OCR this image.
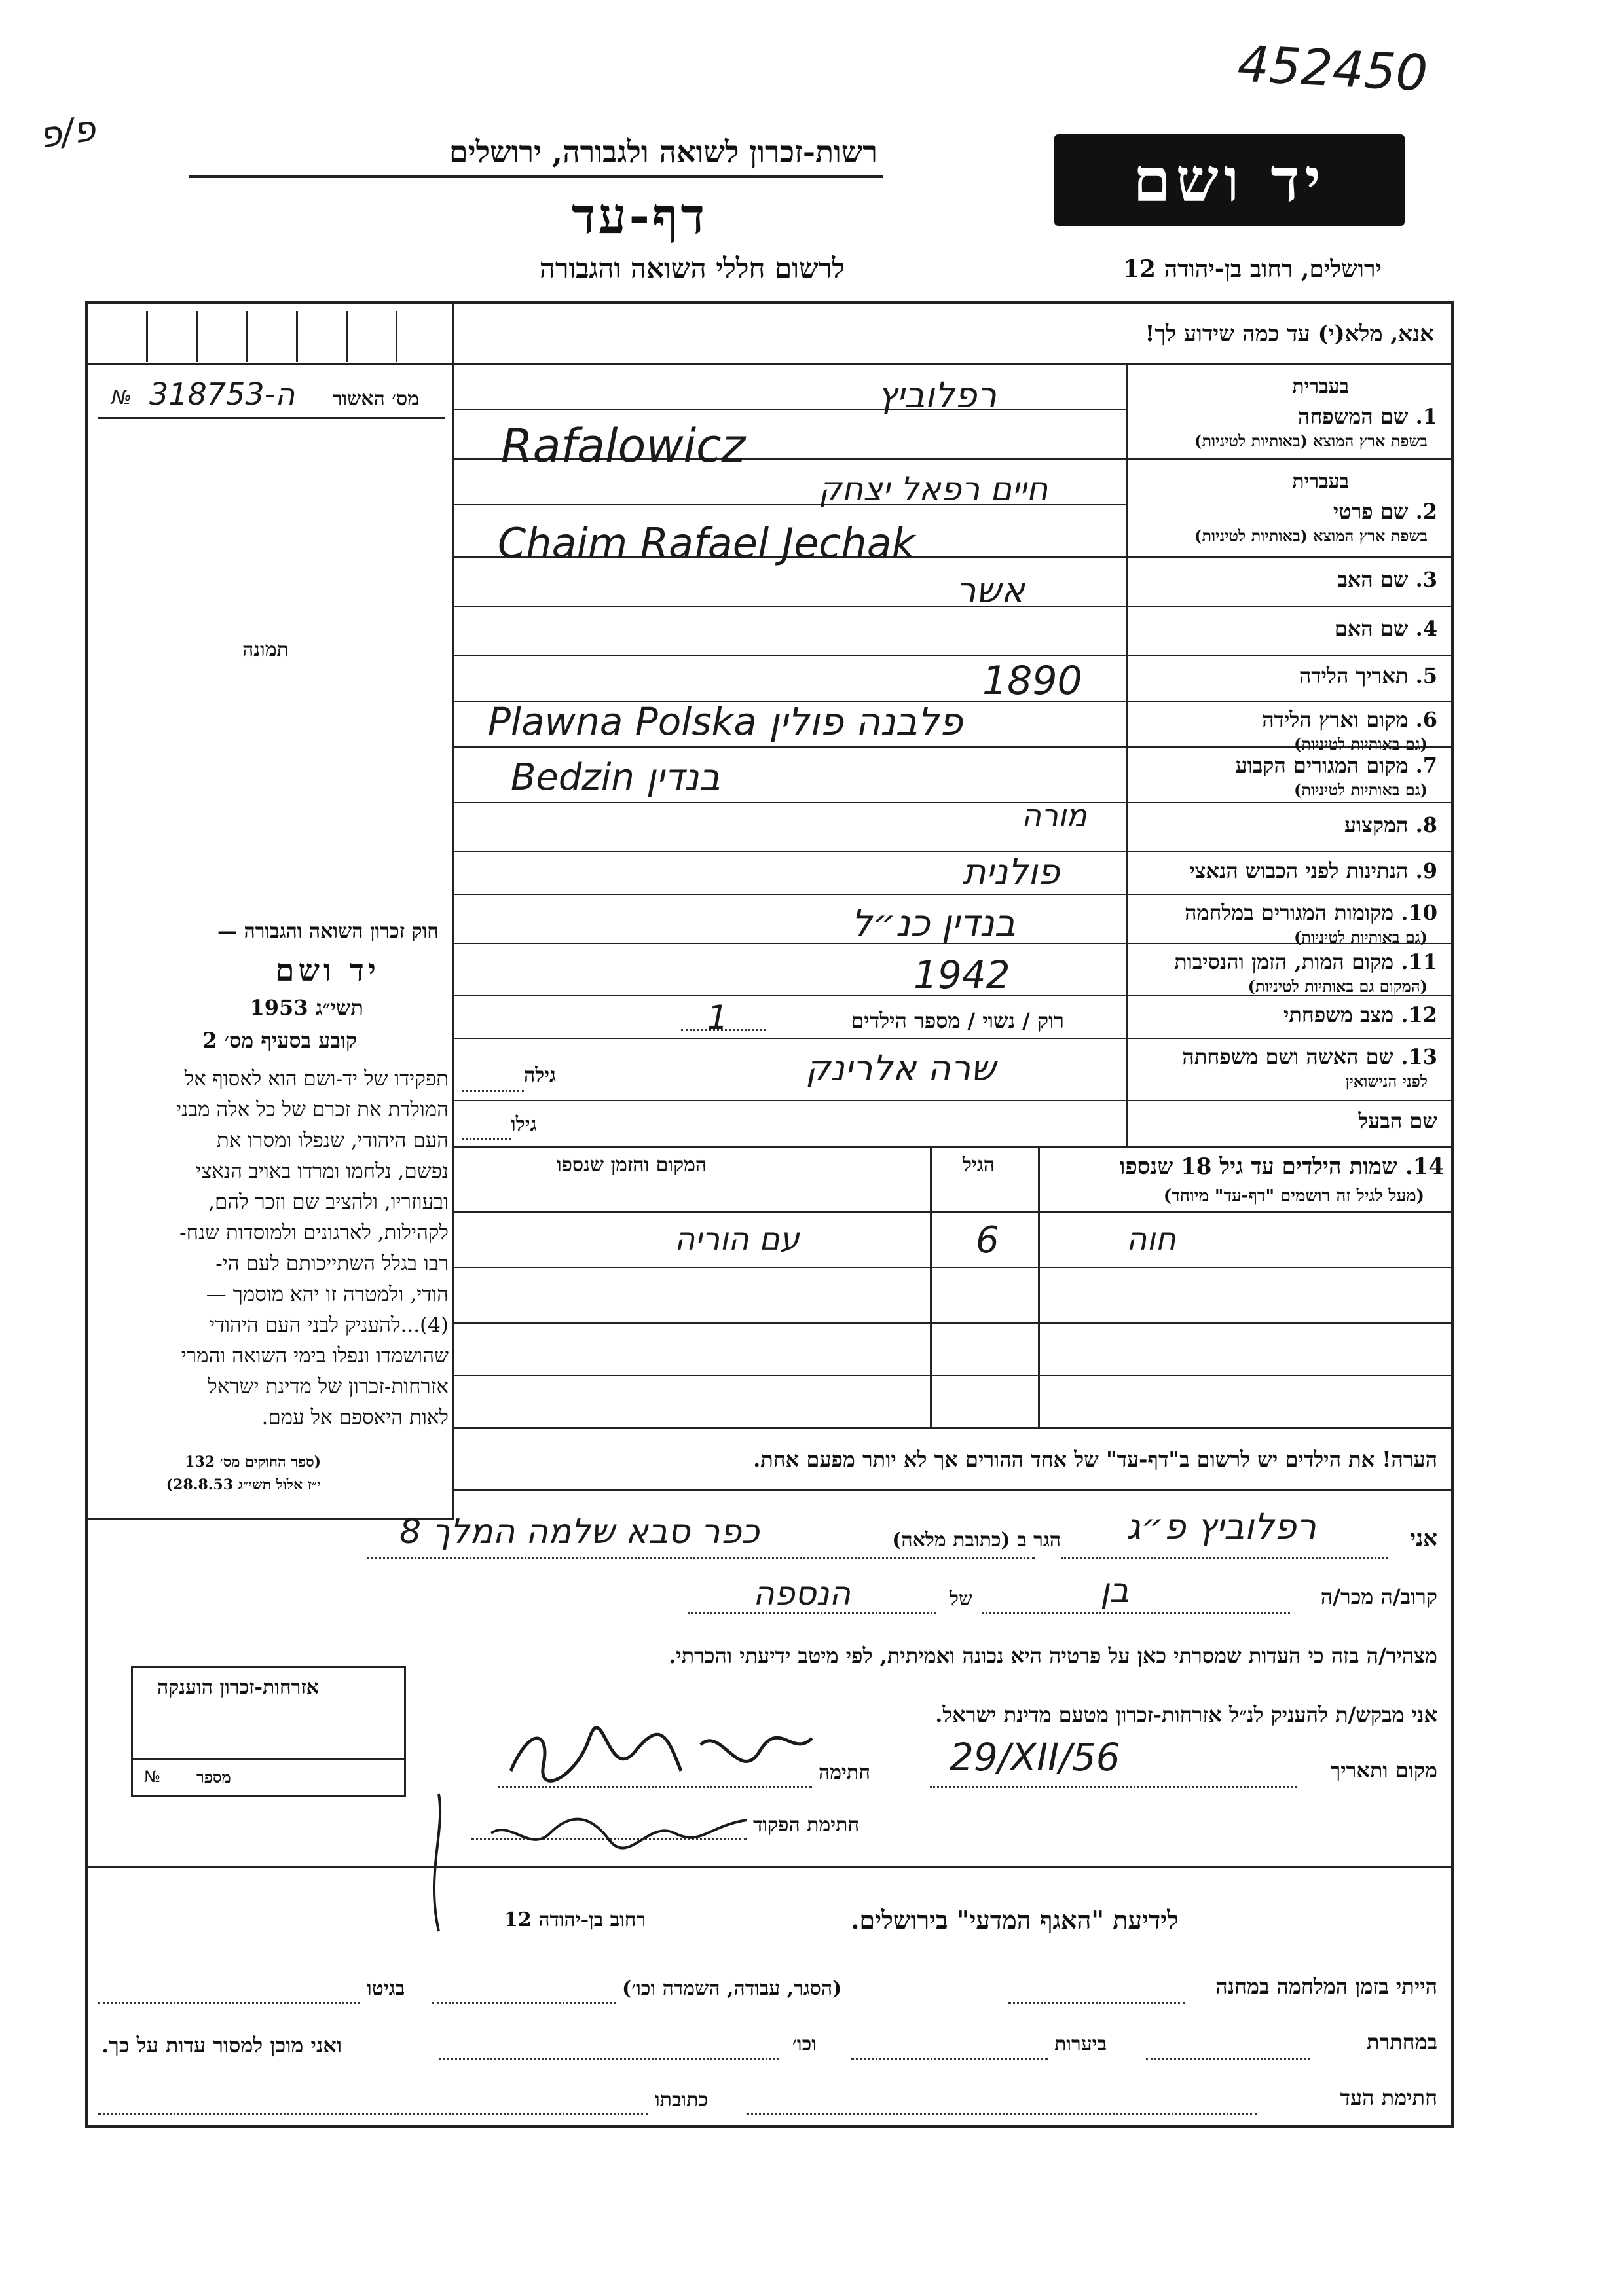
452450
פ/פ	רשות-זכרון לשואה ולגבורה, ירושלים
דף-עד
לרשום חללי השואה והגבורה
יד ושם
ירושלים, רחוב בן-יהודה 12
אנא, מלא(י) עד כמה שידוע לך!
№ 318753-ה מס׳ האשור
תמונה
1. שם המשפחה
בשפת ארץ המוצא (באותיות לטיניות)
בעברית
2. שם פרטי
בשפת ארץ המוצא (באותיות לטיניות)
בעברית
3. שם האב
4. שם האם
5. תאריך הלידה
6. מקום וארץ הלידה
(גם באותיות לטיניות)
7. מקום המגורים הקבוע
(גם באותיות לטיניות)
8. המקצוע
9. הנתינות לפני הכבוש הנאצי
10. מקומות המגורים במלחמה
(גם באותיות לטיניות)
11. מקום המות, הזמן והנסיבות
(המקום גם באותיות לטיניות)
12. מצב משפחתי
13. שם האשה ושם משפחתה
לפני הנישואין
שם הבעל
רפלוביץ
Rafalowicz
חיים רפאל יצחק
Chaim Rafael Jechak
אשר
1890
Plawna Polska פלבנה פולין
Bedzin בנדין
מורה
פולנית
בנדין כנ״ל
1942
רוק / נשוי / מספר הילדים
1
שרה אלרינק
גילה
גילו
14. שמות הילדים עד גיל 18 שנספו
(מעל לגיל זה רושמים "דף-עד" מיוחד)
הגיל
המקום והזמן שנספו
חוה
6
עם הוריה
הערה! את הילדים יש לרשום ב"דף-עד" של אחד ההורים אך לא יותר מפעם אחת.
חוק זכרון השואה והגבורה —
יד ושם
תשי״ג 1953
קובע בסעיף מס׳ 2
תפקידו של יד-ושם הוא לאסוף אל
המולדת את זכרם של כל אלה מבני
העם היהודי, שנפלו ומסרו את
נפשם, נלחמו ומרדו באויב הנאצי
ובעוזריו, ולהציב שם וזכר להם,
לקהילות, לארגונים ולמוסדות שנח-
רבו בגלל השתייכותם לעם הי-
הודי, ולמטרה זו יהא מוסמך —
(4)...להעניק לבני העם היהודי
שהושמדו ונפלו בימי השואה והמרי
אזרחות-זכרון של מדינת ישראל
לאות היאספם אל עמם.
(ספר החוקים מס׳ 132
י״ז אלול תשי״ג 28.8.53)
אני
רפלוביץ פ״ג
הגר ב (כתובת מלאה)
כפר סבא שלמה המלך 8
קרוב/ה מכר/ה
בן
של
הנספה
מצהיר/ה בזה כי העדות שמסרתי כאן על פרטיה היא נכונה ואמיתית, לפי מיטב ידיעתי והכרתי.
אני מבקש/ת להעניק לנ״ל אזרחות-זכרון מטעם מדינת ישראל.
מקום ותאריך
29/XII/56
חתימה
חתימת הפקוד
אזרחות-זכרון הוענקה
מספר
№
לידיעת "האגף המדעי" בירושלים.
רחוב בן-יהודה 12
הייתי בזמן המלחמה במחנה
(הסגר, עבודה, השמדה וכו׳)
בגיטו
במחתרת
ביערות
וכו׳
ואני מוכן למסור עדות על כך.
חתימת העד
כתובתו
